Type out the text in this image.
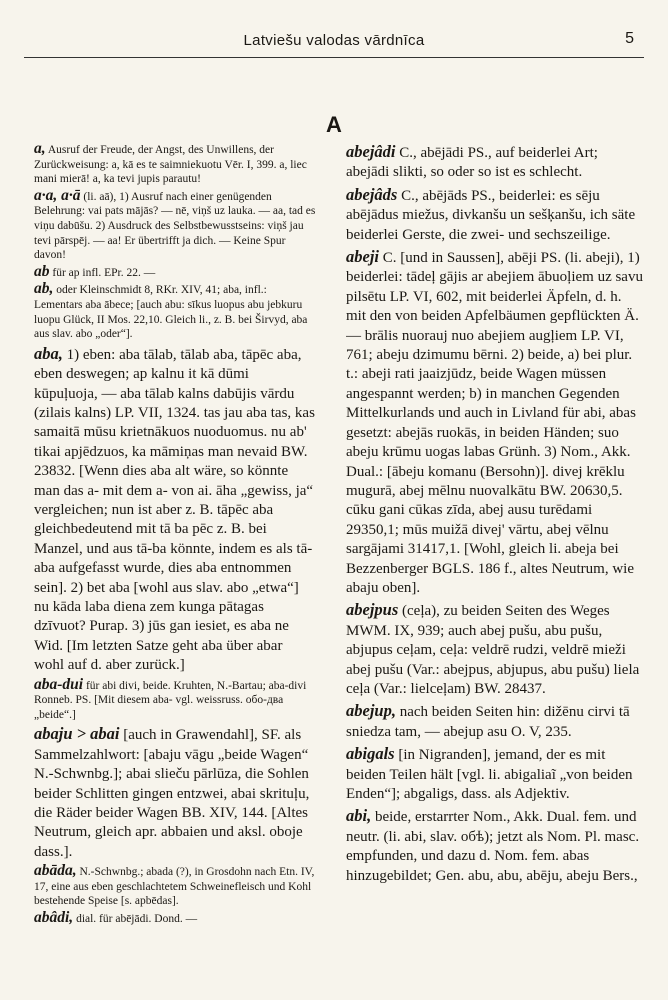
Latviešu valodas vārdnīca	5
A

a, Ausruf der Freude, der Angst, des Unwillens, der Zurückweisung: a, kā es te saimniekuotu Vēr. I, 399. a, liec mani mierā! a, ka tevi jupis parautu!

a·a, a·ā (li. aā), 1) Ausruf nach einer genügenden Belehrung: vai pats mājās? — nē, viņš uz lauka. — aa, tad es viņu dabūšu. 2) Ausdruck des Selbstbewusstseins: viņš jau tevi pārspēj. — aa! Er übertrifft ja dich. — Keine Spur davon!

ab für ap infl. EPr. 22. —

ab, oder Kleinschmidt 8, RKr. XIV, 41; aba, infl.: Lementars aba ābece; [auch abu: sīkus luopus abu jebkuru luopu Glück, II Mos. 22,10. Gleich li., z. B. bei Širvyd, aba aus slav. abo „oder“].

aba, 1) eben: aba tālab, tālab aba, tāpēc aba, eben deswegen; ap kalnu it kā dūmi kūpuļuoja, — aba tālab kalns dabūjis vārdu (zilais kalns) LP. VII, 1324. tas jau aba tas, kas samaitā mūsu krietnākuos nuoduomus. nu ab' tikai apjēdzuos, ka māmiņas man nevaid BW. 23832. [Wenn dies aba alt wäre, so könnte man das a- mit dem a- von ai. āha „gewiss, ja“ vergleichen; nun ist aber z. B. tāpēc aba gleichbedeutend mit tā ba pēc z. B. bei Manzel, und aus tā-ba könnte, indem es als tā-aba aufgefasst wurde, dies aba entnommen sein]. 2) bet aba [wohl aus slav. abo „etwa“] nu kāda laba diena zem kunga pātagas dzīvuot? Purap. 3) jūs gan iesiet, es aba ne Wid. [Im letzten Satze geht aba über abar wohl auf d. aber zurück.]

aba-dui für abi divi, beide. Kruhten, N.-Bartau; aba-divi Ronneb. PS. [Mit diesem aba- vgl. weissruss. обо-два „beide“.]

abaju > abai [auch in Grawendahl], SF. als Sammelzahlwort: [abaju vāgu „beide Wagen“ N.-Schwnbg.]; abai slieču pārlūza, die Sohlen beider Schlitten gingen entzwei, abai skrituļu, die Räder beider Wagen BB. XIV, 144. [Altes Neutrum, gleich apr. abbaien und aksl. oboje dass.].

abāda, N.-Schwnbg.; abada (?), in Grosdohn nach Etn. IV, 17, eine aus eben geschlachtetem Schweinefleisch und Kohl bestehende Speise [s. apbēdas].

abâdi, dial. für abējādi. Dond. —

abejâdi C., abējādi PS., auf beiderlei Art; abejādi slikti, so oder so ist es schlecht.

abejâds C., abējāds PS., beiderlei: es sēju abējādus miežus, divkanšu un sešķanšu, ich säte beiderlei Gerste, die zwei- und sechszeilige.

abeji C. [und in Saussen], abēji PS. (li. abeji), 1) beiderlei: tādeļ gājis ar abejiem ābuoļiem uz savu pilsētu LP. VI, 602, mit beiderlei Äpfeln, d. h. mit den von beiden Apfelbäumen gepflückten Ä. — brālis nuorauj nuo abejiem augļiem LP. VI, 761; abeju dzimumu bērni. 2) beide, a) bei plur. t.: abeji rati jaaizjūdz, beide Wagen müssen angespannt werden; b) in manchen Gegenden Mittelkurlands und auch in Livland für abi, abas gesetzt: abejās ruokās, in beiden Händen; suo abeju krūmu uogas labas Grünh. 3) Nom., Akk. Dual.: [ābeju komanu (Bersohn)]. divej krēklu mugurā, abej mēlnu nuovalkātu BW. 20630,5. cūku gani cūkas zīda, abej ausu turēdami 29350,1; mūs muižā divej' vārtu, abej vēlnu sargājami 31417,1. [Wohl, gleich li. abeja bei Bezzenberger BGLS. 186 f., altes Neutrum, wie abaju oben].

abejpus (ceļa), zu beiden Seiten des Weges MWM. IX, 939; auch abej pušu, abu pušu, abjupus ceļam, ceļa: veldrē rudzi, veldrē mieži abej pušu (Var.: abejpus, abjupus, abu pušu) liela ceļa (Var.: lielceļam) BW. 28437.

abejup, nach beiden Seiten hin: dižēnu cirvi tā sniedza tam, — abejup asu O. V, 235.

abigals [in Nigranden], jemand, der es mit beiden Teilen hält [vgl. li. abigaliaĩ „von beiden Enden“]; abgaligs, dass. als Adjektiv.

abi, beide, erstarrter Nom., Akk. Dual. fem. und neutr. (li. abi, slav. обѣ); jetzt als Nom. Pl. masc. empfunden, und dazu d. Nom. fem. abas hinzugebildet; Gen. abu, abu, abēju, abeju Bers.,
